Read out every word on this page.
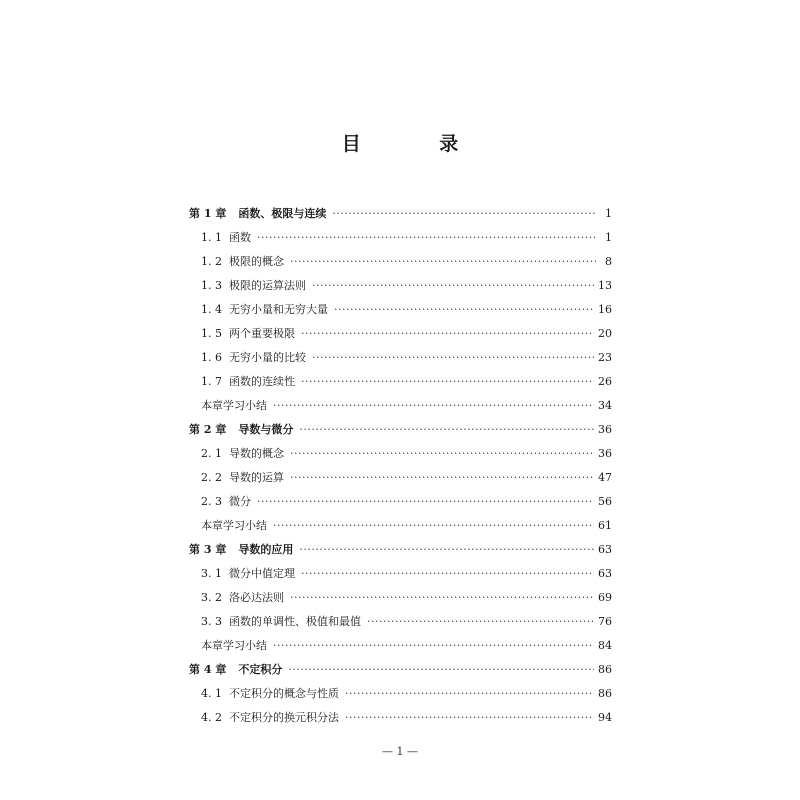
目 录
第 1 章 函数、极限与连续 ·····	1
1. 1 函数 ·····	1
1. 2 极限的概念 ·····	8
1. 3 极限的运算法则 ·····	13
1. 4 无穷小量和无穷大量 ·····	16
1. 5 两个重要极限 ·····	20
1. 6 无穷小量的比较 ·····	23
1. 7 函数的连续性 ·····	26
本章学习小结 ·····	34
第 2 章 导数与微分 ·····	36
2. 1 导数的概念 ·····	36
2. 2 导数的运算 ·····	47
2. 3 微分 ·····	56
本章学习小结 ·····	61
第 3 章 导数的应用 ·····	63
3. 1 微分中值定理 ·····	63
3. 2 洛必达法则 ·····	69
3. 3 函数的单调性、极值和最值 ·····	76
本章学习小结 ·····	84
第 4 章 不定积分 ·····	86
4. 1 不定积分的概念与性质 ·····	86
4. 2 不定积分的换元积分法 ·····	94
— 1 —
